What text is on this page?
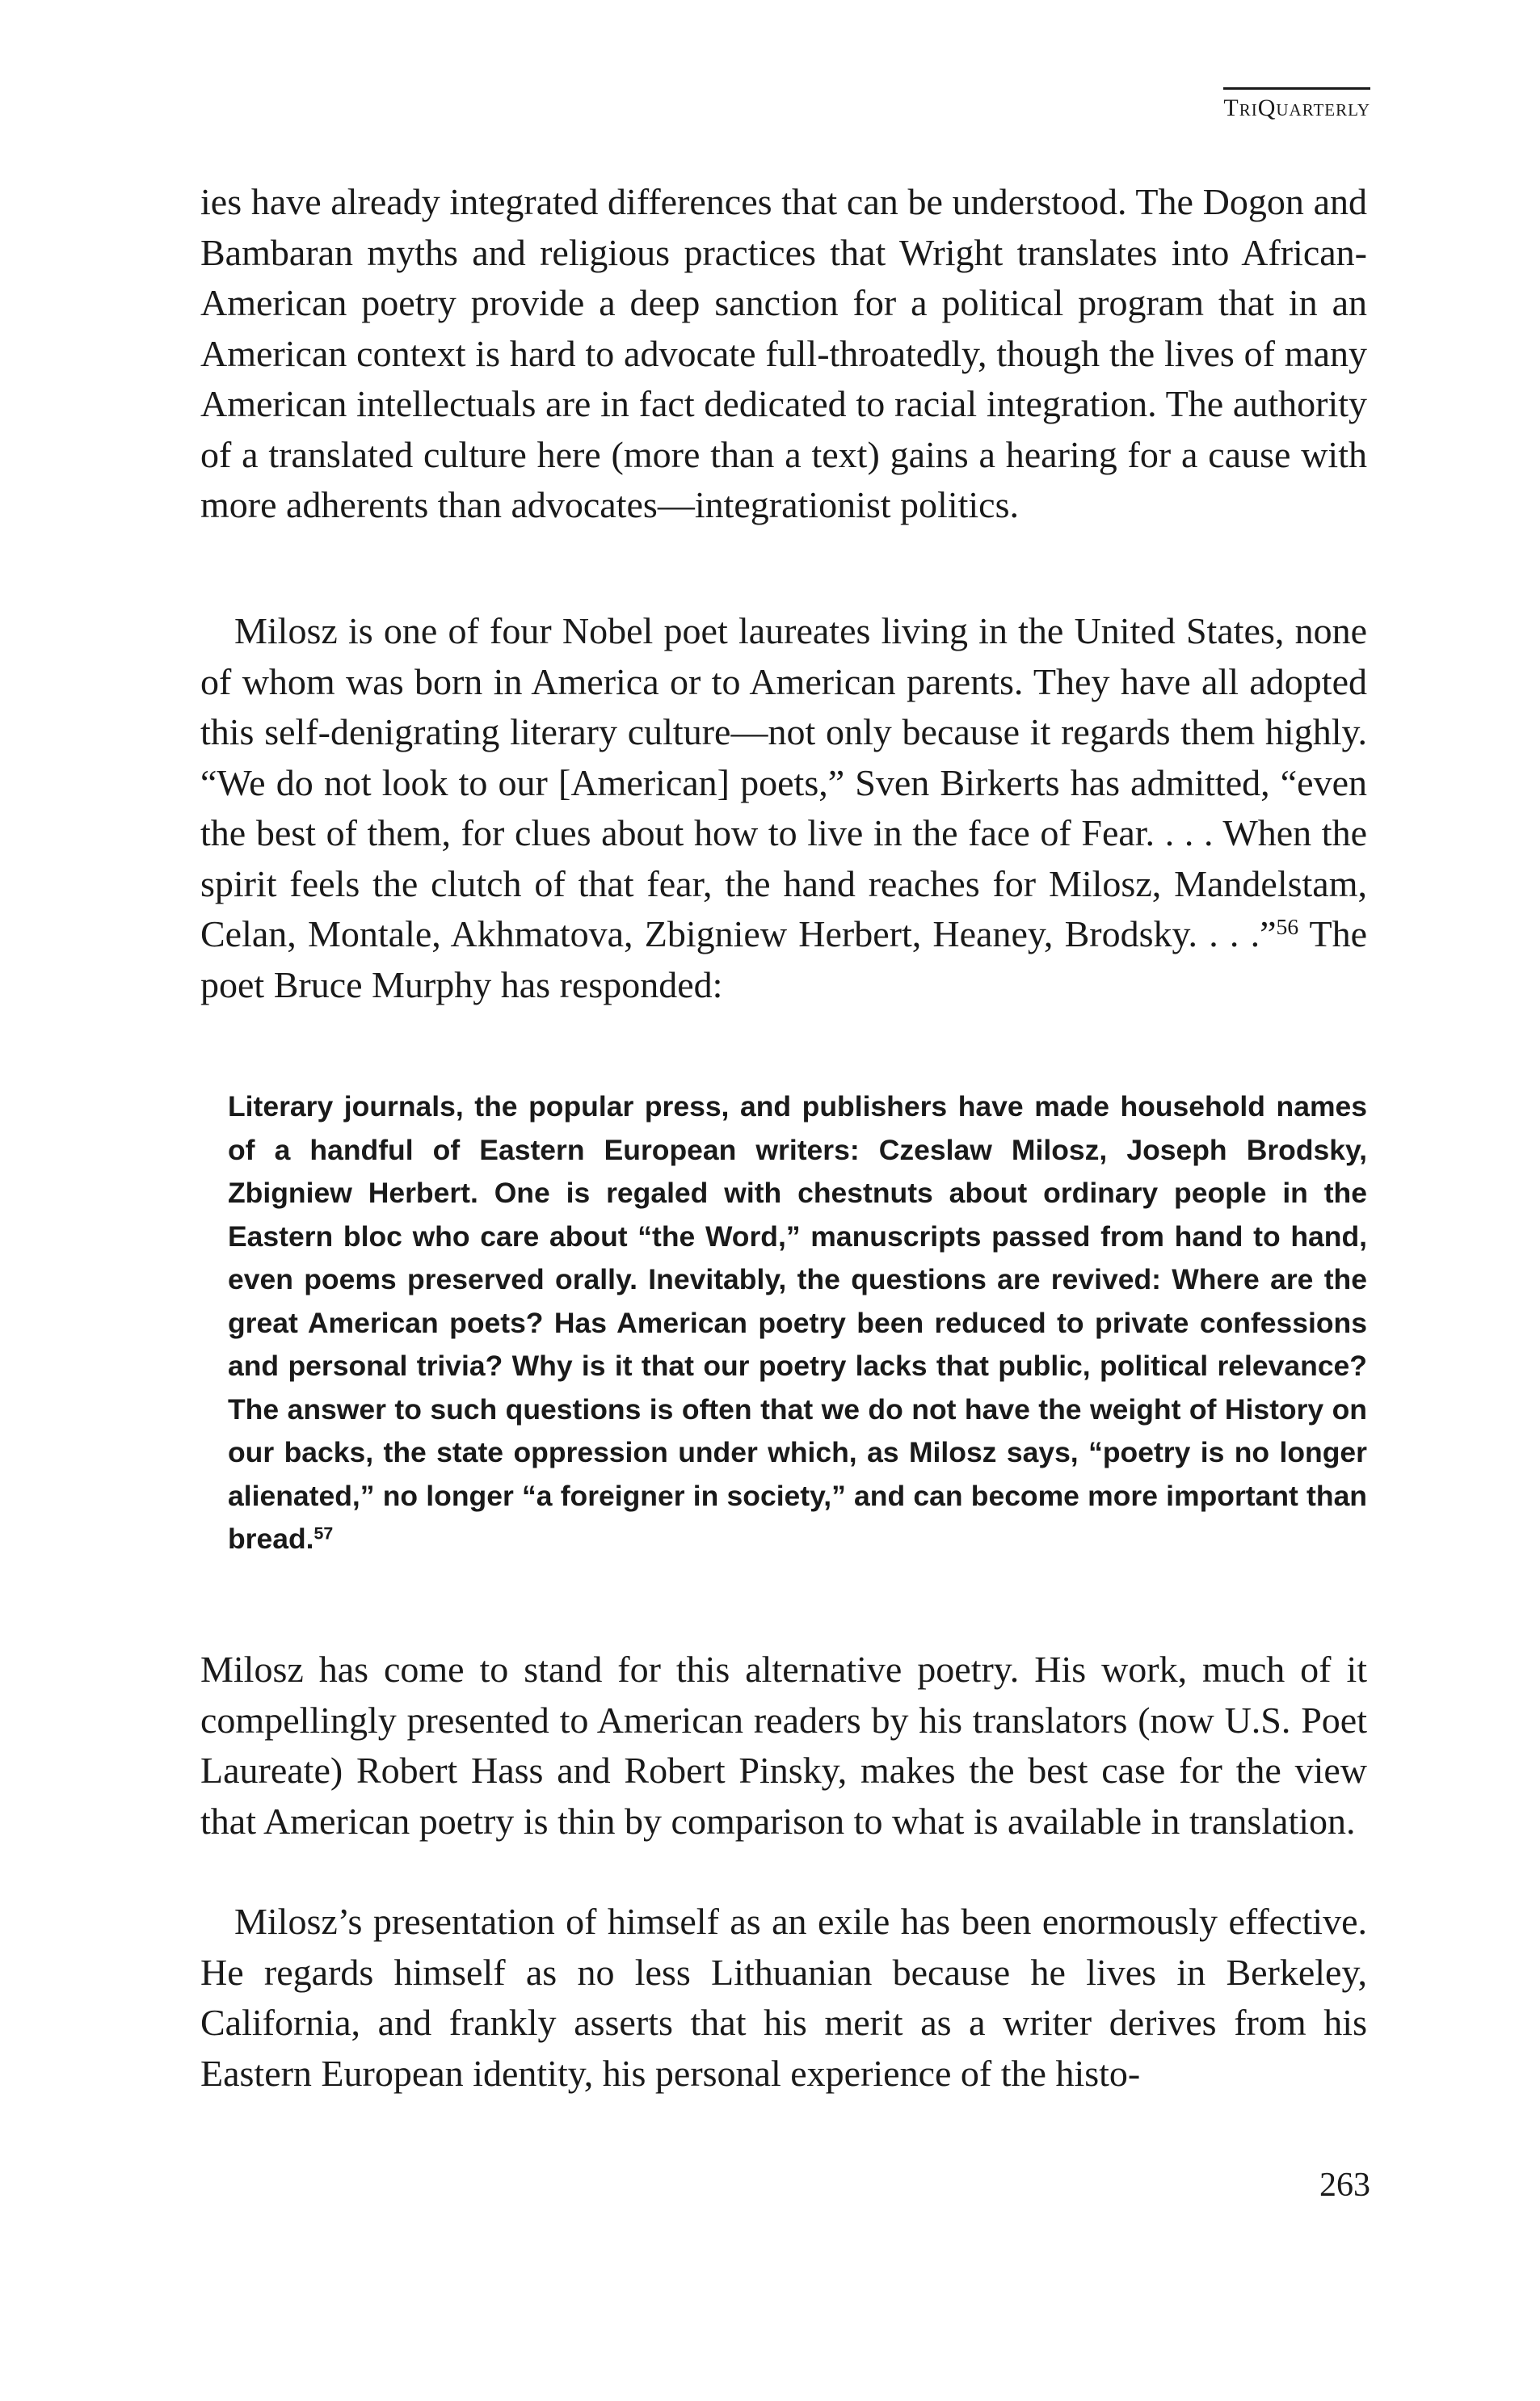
TriQuarterly

ies have already integrated differences that can be understood. The Dogon and Bambaran myths and religious practices that Wright translates into African-American poetry provide a deep sanction for a political program that in an American context is hard to advocate full-throatedly, though the lives of many American intellectuals are in fact dedicated to racial integration. The authority of a translated culture here (more than a text) gains a hearing for a cause with more adherents than advocates—integrationist politics.

Milosz is one of four Nobel poet laureates living in the United States, none of whom was born in America or to American parents. They have all adopted this self-denigrating literary culture—not only because it regards them highly. “We do not look to our [American] poets,” Sven Birkerts has admitted, “even the best of them, for clues about how to live in the face of Fear. . . . When the spirit feels the clutch of that fear, the hand reaches for Milosz, Mandelstam, Celan, Montale, Akhmatova, Zbigniew Herbert, Heaney, Brodsky. . . .”$^{56}$ The poet Bruce Murphy has responded:

Literary journals, the popular press, and publishers have made household names of a handful of Eastern European writers: Czeslaw Milosz, Joseph Brodsky, Zbigniew Herbert. One is regaled with chestnuts about ordinary people in the Eastern bloc who care about “the Word,” manuscripts passed from hand to hand, even poems preserved orally. Inevitably, the questions are revived: Where are the great American poets? Has American poetry been reduced to private confessions and personal trivia? Why is it that our poetry lacks that public, political relevance? The answer to such questions is often that we do not have the weight of History on our backs, the state oppression under which, as Milosz says, “poetry is no longer alienated,” no longer “a foreigner in society,” and can become more important than bread.$^{57}$

Milosz has come to stand for this alternative poetry. His work, much of it compellingly presented to American readers by his translators (now U.S. Poet Laureate) Robert Hass and Robert Pinsky, makes the best case for the view that American poetry is thin by comparison to what is available in translation.

Milosz’s presentation of himself as an exile has been enormously effective. He regards himself as no less Lithuanian because he lives in Berkeley, California, and frankly asserts that his merit as a writer derives from his Eastern European identity, his personal experience of the histo-

263
